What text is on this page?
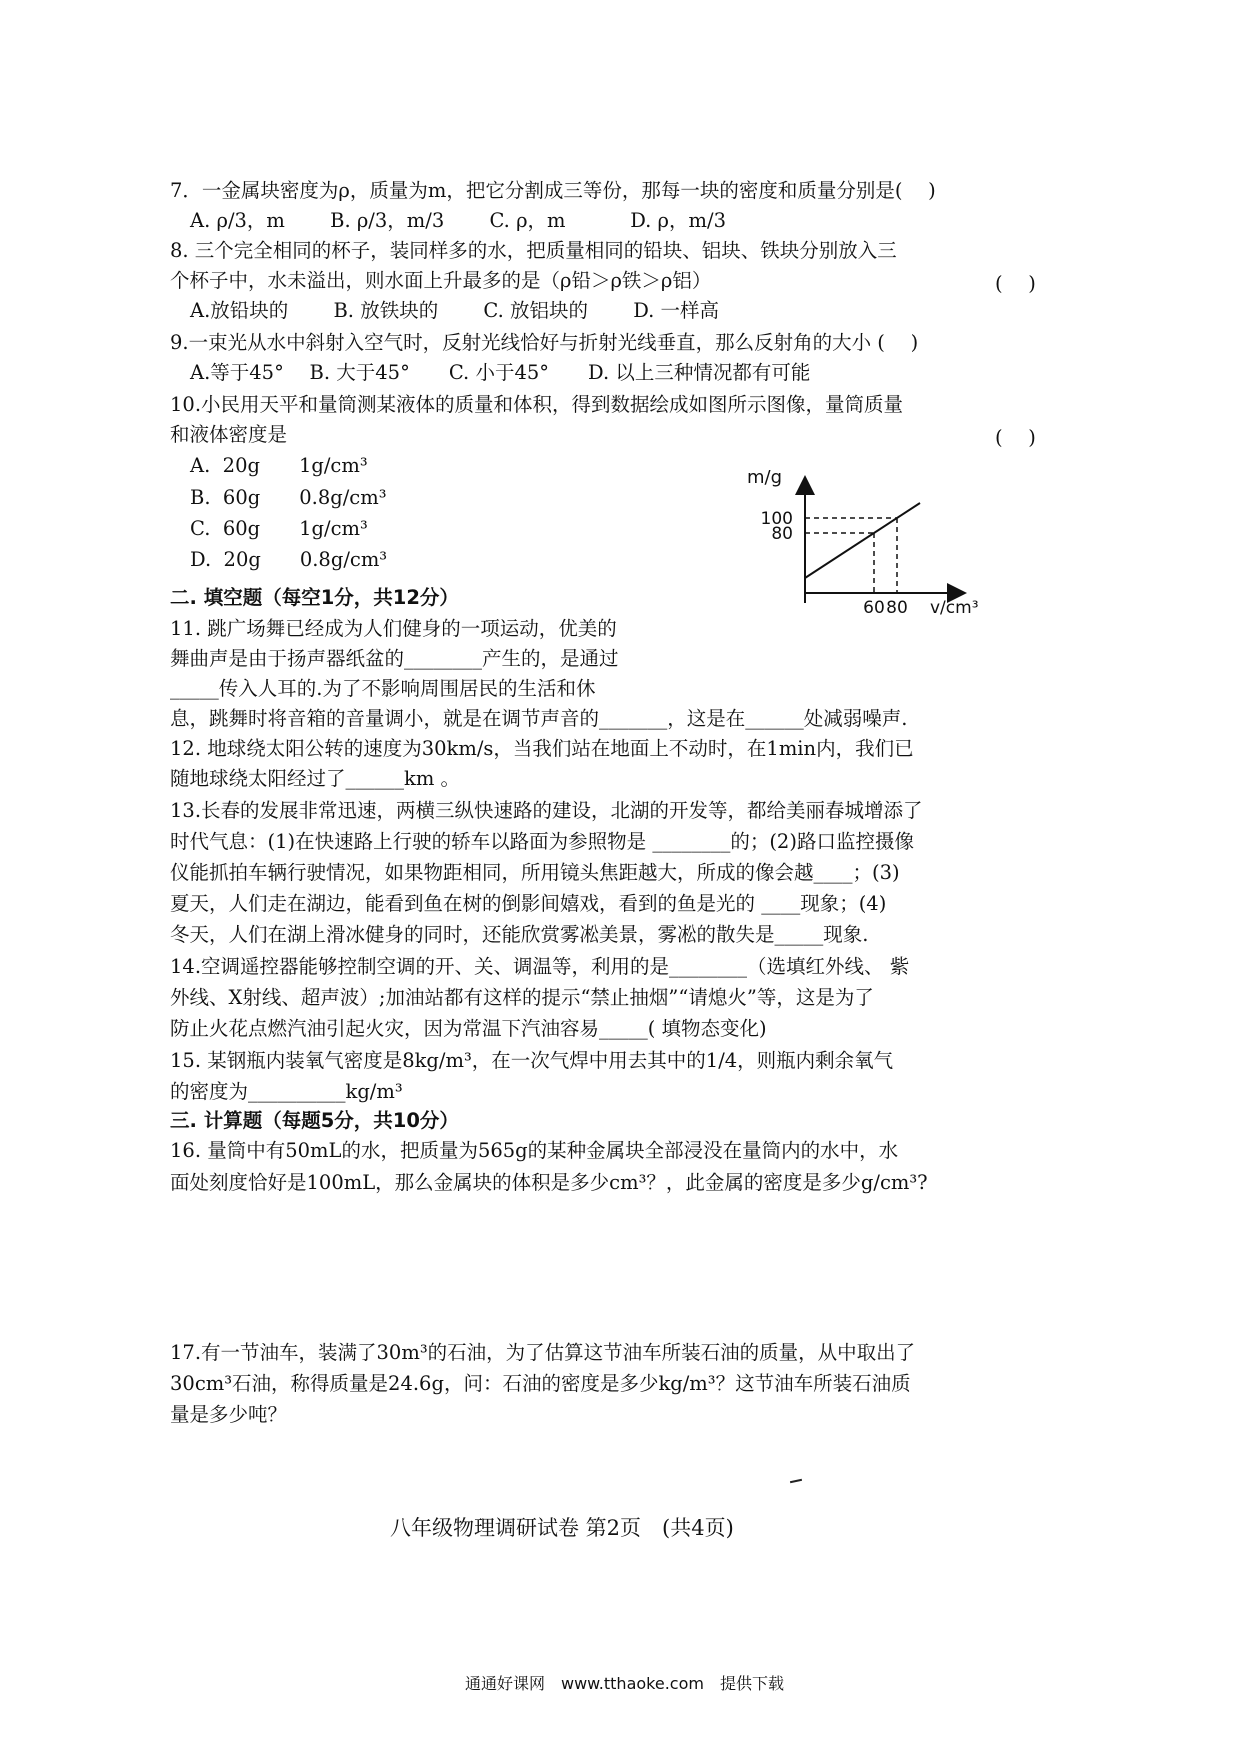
7．一金属块密度为ρ，质量为m，把它分割成三等份，那每一块的密度和质量分别是(　 )
A. ρ/3，m　　 B. ρ/3，m/3　　 C. ρ，m　　　 D. ρ，m/3
8. 三个完全相同的杯子，装同样多的水，把质量相同的铅块、铝块、铁块分别放入三
个杯子中，水未溢出，则水面上升最多的是（ρ铅＞ρ铁＞ρ铝）	(　 )
A.放铅块的　　 B. 放铁块的　　 C. 放铝块的　　 D. 一样高
9.一束光从水中斜射入空气时，反射光线恰好与折射光线垂直，那么反射角的大小 (　 )
A.等于45°　 B. 大于45°　　C. 小于45°　　D. 以上三种情况都有可能
10.小民用天平和量筒测某液体的质量和体积，得到数据绘成如图所示图像，量筒质量
和液体密度是	(　 )
A.  20g　　1g/cm³
B.  60g　　0.8g/cm³
C.  60g　　1g/cm³
D.  20g　　0.8g/cm³
m/g
80
100
60 80 v/cm³
二. 填空题（每空1分，共12分）
11. 跳广场舞已经成为人们健身的一项运动，优美的
舞曲声是由于扬声器纸盆的________产生的，是通过
_____传入人耳的.为了不影响周围居民的生活和休
息，跳舞时将音箱的音量调小，就是在调节声音的_______，这是在______处减弱噪声.
12. 地球绕太阳公转的速度为30km/s，当我们站在地面上不动时，在1min内，我们已
随地球绕太阳经过了______km 。
13.长春的发展非常迅速，两横三纵快速路的建设，北湖的开发等，都给美丽春城增添了
时代气息：(1)在快速路上行驶的轿车以路面为参照物是 ________的；(2)路口监控摄像
仪能抓拍车辆行驶情况，如果物距相同，所用镜头焦距越大，所成的像会越____；(3)
夏天，人们走在湖边，能看到鱼在树的倒影间嬉戏，看到的鱼是光的 ____现象；(4)
冬天，人们在湖上滑冰健身的同时，还能欣赏雾凇美景，雾凇的散失是_____现象.
14.空调遥控器能够控制空调的开、关、调温等，利用的是________（选填红外线、 紫
外线、X射线、超声波）;加油站都有这样的提示“禁止抽烟”“请熄火”等，这是为了
防止火花点燃汽油引起火灾，因为常温下汽油容易_____( 填物态变化)
15. 某钢瓶内装氧气密度是8kg/m³，在一次气焊中用去其中的1/4，则瓶内剩余氧气
的密度为__________kg/m³
三. 计算题（每题5分，共10分）
16. 量筒中有50mL的水，把质量为565g的某种金属块全部浸没在量筒内的水中，水
面处刻度恰好是100mL，那么金属块的体积是多少cm³？，此金属的密度是多少g/cm³?
17.有一节油车，装满了30m³的石油，为了估算这节油车所装石油的质量，从中取出了
30cm³石油，称得质量是24.6g，问：石油的密度是多少kg/m³？这节油车所装石油质
量是多少吨？
八年级物理调研试卷 第2页　(共4页)
通通好课网　www.tthaoke.com　提供下载
